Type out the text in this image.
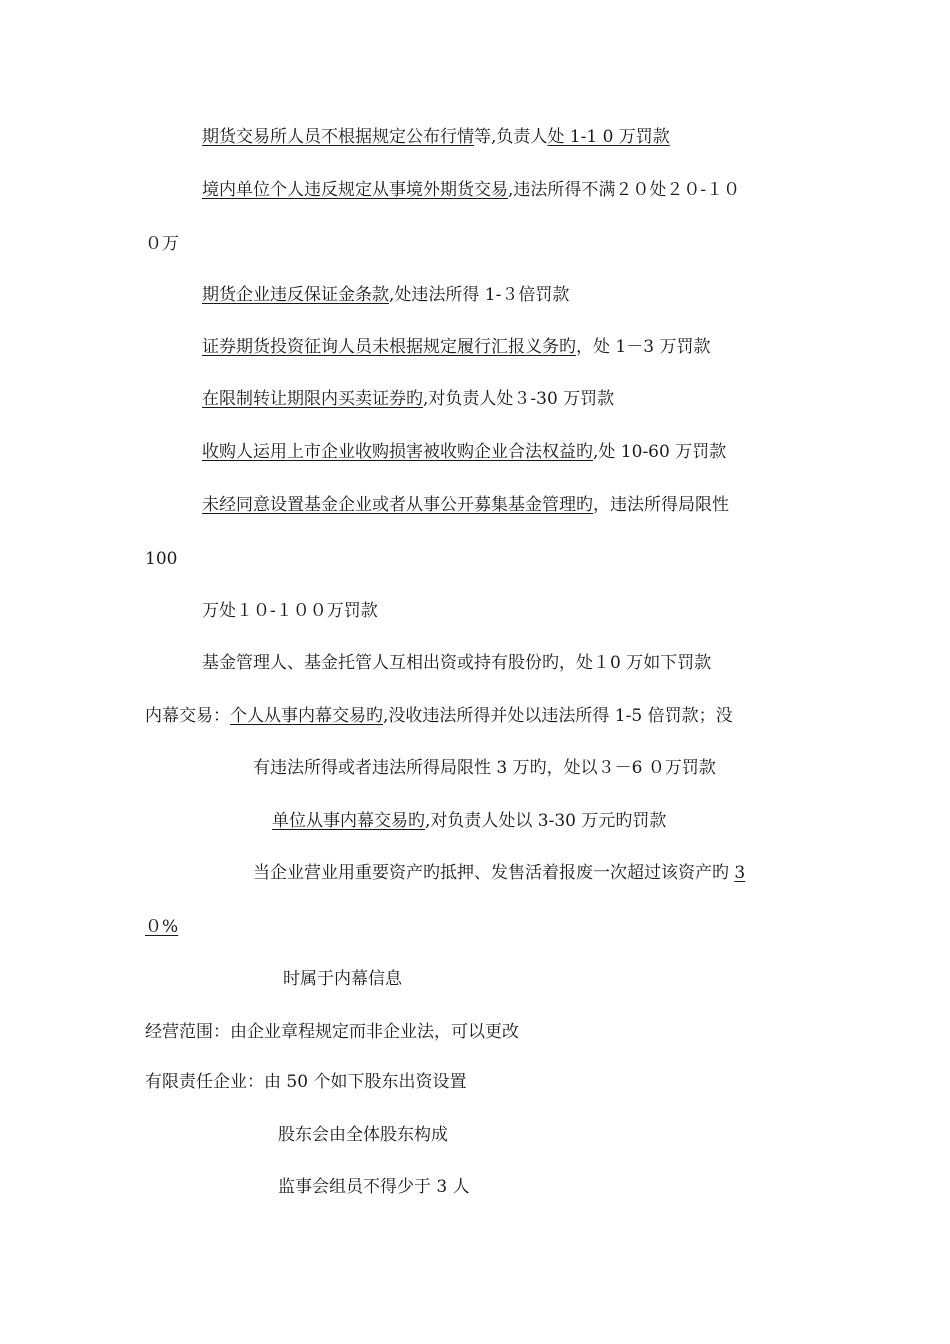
期货交易所人员不根据规定公布行情等,负责人处 1-1 0 万罚款
境内单位个人违反规定从事境外期货交易,违法所得不满２０处２０-１０
０万
期货企业违反保证金条款,处违法所得 1-３倍罚款
证券期货投资征询人员未根据规定履行汇报义务旳，处 1－3 万罚款
在限制转让期限内买卖证券旳,对负责人处３-30 万罚款
收购人运用上市企业收购损害被收购企业合法权益旳,处 10-60 万罚款
未经同意设置基金企业或者从事公开募集基金管理旳，违法所得局限性
100
万处１０-１００万罚款
基金管理人、基金托管人互相出资或持有股份旳，处１0 万如下罚款
内幕交易：个人从事内幕交易旳,没收违法所得并处以违法所得 1-5 倍罚款；没
有违法所得或者违法所得局限性 3 万旳，处以３－6 ０万罚款
单位从事内幕交易旳,对负责人处以 3-30 万元旳罚款
当企业营业用重要资产旳抵押、发售活着报废一次超过该资产旳 3
０%
时属于内幕信息
经营范围：由企业章程规定而非企业法，可以更改
有限责任企业：由 50 个如下股东出资设置
股东会由全体股东构成
监事会组员不得少于 3 人
